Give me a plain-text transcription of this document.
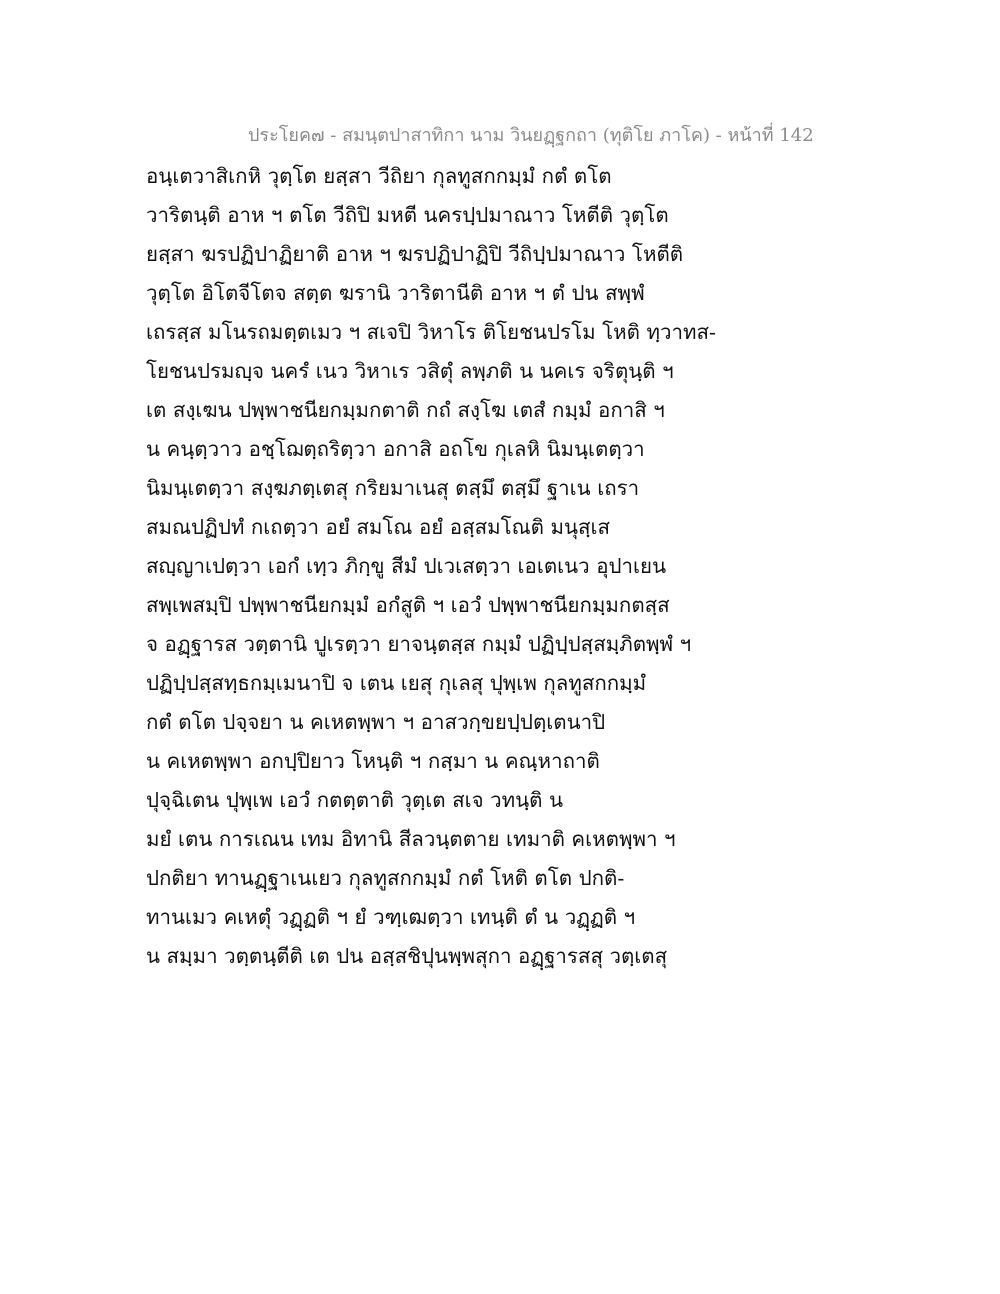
ประโยค๗ - สมนฺตปาสาทิกา นาม วินยฏฺฐกถา (ทุติโย ภาโค) - หน้าที่ 142
อนฺเตวาสิเกหิ วุตฺโต ยสฺสา วีถิยา กุลทูสกกมฺมํ กตํ ตโต
วาริตนฺติ อาห ฯ ตโต วีถิปิ มหตี นครปฺปมาณาว โหตีติ วุตฺโต
ยสฺสา ฆรปฏิปาฏิยาติ อาห ฯ ฆรปฏิปาฏิปิ วีถิปฺปมาณาว โหตีติ
วุตฺโต อิโตจีโตจ สตฺต ฆรานิ วาริตานีติ อาห ฯ ตํ ปน สพฺพํ
เถรสฺส มโนรถมตฺตเมว ฯ สเจปิ วิหาโร ติโยชนปรโม โหติ ทฺวาทส-
โยชนปรมญฺจ นครํ เนว วิหาเร วสิตุํ ลพฺภติ น นคเร จริตุนฺติ ฯ
เต สงฺเฆน ปพฺพาชนียกมฺมกตาติ กถํ สงฺโฆ เตสํ กมฺมํ อกาสิ ฯ
น คนฺตฺวาว อชฺโฌตฺถริตฺวา อกาสิ อถโข กุเลหิ นิมนฺเตตฺวา
นิมนฺเตตฺวา สงฺฆภตฺเตสุ กริยมาเนสุ ตสฺมึ ตสฺมึ ฐาเน เถรา
สมณปฏิปทํ กเถตฺวา อยํ สมโณ อยํ อสฺสมโณติ มนุสฺเส
สญฺญาเปตฺวา เอกํ เทฺว ภิกฺขู สีมํ ปเวเสตฺวา เอเตเนว อุปาเยน
สพฺเพสมฺปิ ปพฺพาชนียกมฺมํ อกํสูติ ฯ เอวํ ปพฺพาชนียกมฺมกตสฺส
จ อฏฺฐารส วตฺตานิ ปูเรตฺวา ยาจนฺตสฺส กมฺมํ ปฏิปฺปสฺสมฺภิตพฺพํ ฯ
ปฏิปฺปสฺสทฺธกมฺเมนาปิ จ เตน เยสุ กุเลสุ ปุพฺเพ กุลทูสกกมฺมํ
กตํ ตโต ปจฺจยา น คเหตพฺพา ฯ อาสวกฺขยปฺปตฺเตนาปิ
น คเหตพฺพา อกปฺปิยาว โหนฺติ ฯ กสฺมา น คณฺหาถาติ
ปุจฺฉิเตน ปุพฺเพ เอวํ กตตฺตาติ วุตฺเต สเจ วทนฺติ น
มยํ เตน การเณน เทม อิทานิ สีลวนฺตตาย เทมาติ คเหตพฺพา ฯ
ปกติยา ทานฏฺฐาเนเยว กุลทูสกกมฺมํ กตํ โหติ ตโต ปกติ-
ทานเมว คเหตุํ วฏฺฏติ ฯ ยํ วฑฺเฒตฺวา เทนฺติ ตํ น วฏฺฏติ ฯ
น สมฺมา วตฺตนฺตีติ เต ปน อสฺสชิปุนพฺพสุกา อฏฺฐารสสุ วตฺเตสุ
